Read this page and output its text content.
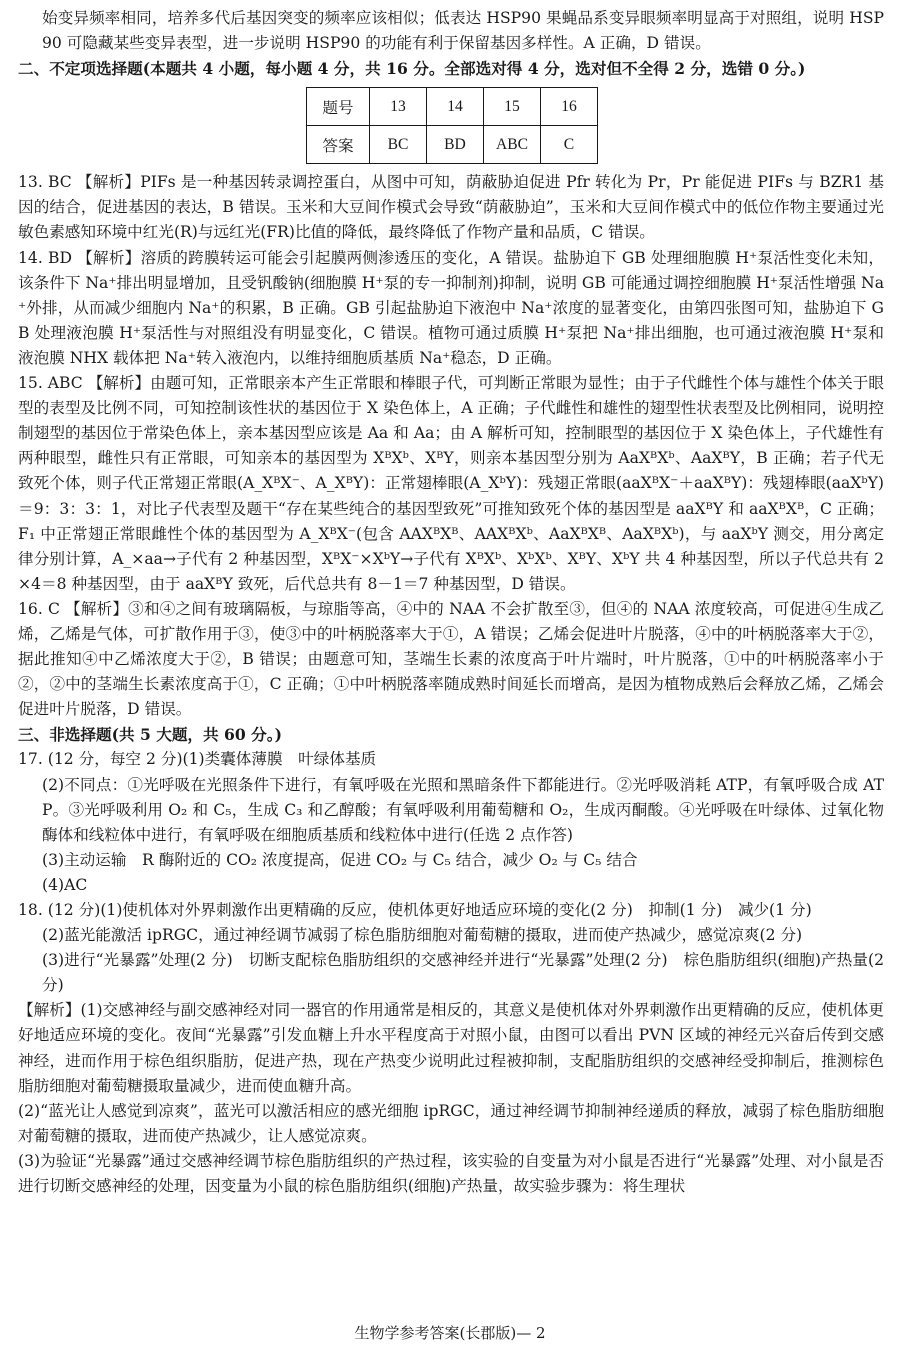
始变异频率相同，培养多代后基因突变的频率应该相似；低表达 HSP90 果蝇品系变异眼频率明显高于对照组，说明 HSP90 可隐藏某些变异表型，进一步说明 HSP90 的功能有利于保留基因多样性。A 正确，D 错误。

二、不定项选择题(本题共 4 小题，每小题 4 分，共 16 分。全部选对得 4 分，选对但不全得 2 分，选错 0 分。)

题号	13	14	15	16
答案	BC	BD	ABC	C

13. BC 【解析】PIFs 是一种基因转录调控蛋白，从图中可知，荫蔽胁迫促进 Pfr 转化为 Pr，Pr 能促进 PIFs 与 BZR1 基因的结合，促进基因的表达，B 错误。玉米和大豆间作模式会导致“荫蔽胁迫”，玉米和大豆间作模式中的低位作物主要通过光敏色素感知环境中红光(R)与远红光(FR)比值的降低，最终降低了作物产量和品质，C 错误。

14. BD 【解析】溶质的跨膜转运可能会引起膜两侧渗透压的变化，A 错误。盐胁迫下 GB 处理细胞膜 H⁺泵活性变化未知，该条件下 Na⁺排出明显增加，且受钒酸钠(细胞膜 H⁺泵的专一抑制剂)抑制，说明 GB 可能通过调控细胞膜 H⁺泵活性增强 Na⁺外排，从而减少细胞内 Na⁺的积累，B 正确。GB 引起盐胁迫下液泡中 Na⁺浓度的显著变化，由第四张图可知，盐胁迫下 GB 处理液泡膜 H⁺泵活性与对照组没有明显变化，C 错误。植物可通过质膜 H⁺泵把 Na⁺排出细胞，也可通过液泡膜 H⁺泵和液泡膜 NHX 载体把 Na⁺转入液泡内，以维持细胞质基质 Na⁺稳态，D 正确。

15. ABC 【解析】由题可知，正常眼亲本产生正常眼和棒眼子代，可判断正常眼为显性；由于子代雌性个体与雄性个体关于眼型的表型及比例不同，可知控制该性状的基因位于 X 染色体上，A 正确；子代雌性和雄性的翅型性状表型及比例相同，说明控制翅型的基因位于常染色体上，亲本基因型应该是 Aa 和 Aa；由 A 解析可知，控制眼型的基因位于 X 染色体上，子代雄性有两种眼型，雌性只有正常眼，可知亲本的基因型为 XᴮXᵇ、XᴮY，则亲本基因型分别为 AaXᴮXᵇ、AaXᴮY，B 正确；若子代无致死个体，则子代正常翅正常眼(A_XᴮX⁻、A_XᴮY)：正常翅棒眼(A_XᵇY)：残翅正常眼(aaXᴮX⁻＋aaXᴮY)：残翅棒眼(aaXᵇY)＝9：3：3：1，对比子代表型及题干“存在某些纯合的基因型致死”可推知致死个体的基因型是 aaXᴮY 和 aaXᴮXᴮ，C 正确；F₁ 中正常翅正常眼雌性个体的基因型为 A_XᴮX⁻(包含 AAXᴮXᴮ、AAXᴮXᵇ、AaXᴮXᴮ、AaXᴮXᵇ)，与 aaXᵇY 测交，用分离定律分别计算，A_×aa→子代有 2 种基因型，XᴮX⁻×XᵇY→子代有 XᴮXᵇ、XᵇXᵇ、XᴮY、XᵇY 共 4 种基因型，所以子代总共有 2×4＝8 种基因型，由于 aaXᴮY 致死，后代总共有 8－1＝7 种基因型，D 错误。

16. C 【解析】③和④之间有玻璃隔板，与琼脂等高，④中的 NAA 不会扩散至③，但④的 NAA 浓度较高，可促进④生成乙烯，乙烯是气体，可扩散作用于③，使③中的叶柄脱落率大于①，A 错误；乙烯会促进叶片脱落，④中的叶柄脱落率大于②，据此推知④中乙烯浓度大于②，B 错误；由题意可知，茎端生长素的浓度高于叶片端时，叶片脱落，①中的叶柄脱落率小于②，②中的茎端生长素浓度高于①，C 正确；①中叶柄脱落率随成熟时间延长而增高，是因为植物成熟后会释放乙烯，乙烯会促进叶片脱落，D 错误。

三、非选择题(共 5 大题，共 60 分。)

17. (12 分，每空 2 分)(1)类囊体薄膜　叶绿体基质

(2)不同点：①光呼吸在光照条件下进行，有氧呼吸在光照和黑暗条件下都能进行。②光呼吸消耗 ATP，有氧呼吸合成 ATP。③光呼吸利用 O₂ 和 C₅，生成 C₃ 和乙醇酸；有氧呼吸利用葡萄糖和 O₂，生成丙酮酸。④光呼吸在叶绿体、过氧化物酶体和线粒体中进行，有氧呼吸在细胞质基质和线粒体中进行(任选 2 点作答)

(3)主动运输　R 酶附近的 CO₂ 浓度提高，促进 CO₂ 与 C₅ 结合，减少 O₂ 与 C₅ 结合

(4)AC

18. (12 分)(1)使机体对外界刺激作出更精确的反应，使机体更好地适应环境的变化(2 分)　抑制(1 分)　减少(1 分)

(2)蓝光能激活 ipRGC，通过神经调节减弱了棕色脂肪细胞对葡萄糖的摄取，进而使产热减少，感觉凉爽(2 分)

(3)进行“光暴露”处理(2 分)　切断支配棕色脂肪组织的交感神经并进行“光暴露”处理(2 分)　棕色脂肪组织(细胞)产热量(2 分)

【解析】(1)交感神经与副交感神经对同一器官的作用通常是相反的，其意义是使机体对外界刺激作出更精确的反应，使机体更好地适应环境的变化。夜间“光暴露”引发血糖上升水平程度高于对照小鼠，由图可以看出 PVN 区域的神经元兴奋后传到交感神经，进而作用于棕色组织脂肪，促进产热，现在产热变少说明此过程被抑制，支配脂肪组织的交感神经受抑制后，推测棕色脂肪细胞对葡萄糖摄取量减少，进而使血糖升高。

(2)“蓝光让人感觉到凉爽”，蓝光可以激活相应的感光细胞 ipRGC，通过神经调节抑制神经递质的释放，减弱了棕色脂肪细胞对葡萄糖的摄取，进而使产热减少，让人感觉凉爽。

(3)为验证“光暴露”通过交感神经调节棕色脂肪组织的产热过程，该实验的自变量为对小鼠是否进行“光暴露”处理、对小鼠是否进行切断交感神经的处理，因变量为小鼠的棕色脂肪组织(细胞)产热量，故实验步骤为：将生理状

生物学参考答案(长郡版)— 2
